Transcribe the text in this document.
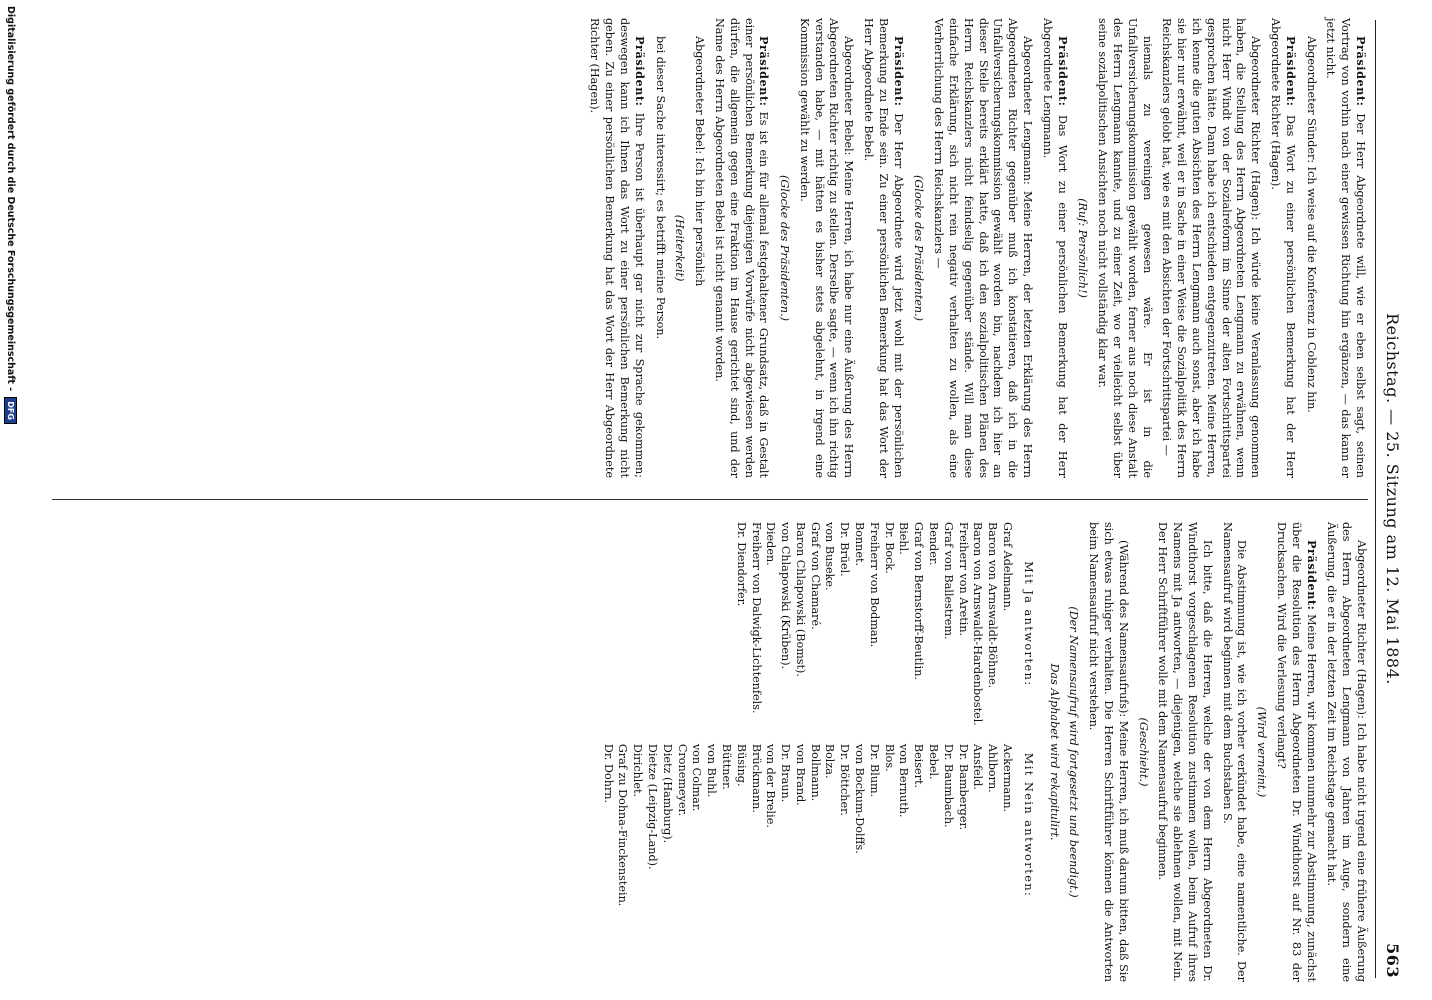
Reichstag. — 25. Sitzung am 12. Mai 1884.
563

Präsident: Der Herr Abgeordnete will, wie er eben selbst sagt, seinen Vortrag von vorhin nach einer gewissen Richtung hin ergänzen, — das kann er jetzt nicht.

Abgeordneter Sünder: Ich weise auf die Konferenz in Coblenz hin.

Präsident: Das Wort zu einer persönlichen Bemerkung hat der Herr Abgeordnete Richter (Hagen).

Abgeordneter Richter (Hagen): Ich würde keine Veranlassung genommen haben, die Stellung des Herrn Abgeordneten Lengmann zu erwähnen, wenn nicht Herr Windt von der Sozialreform im Sinne der alten Fortschrittspartei gesprochen hätte. Dann habe ich entschieden entgegenzutreten. Meine Herren, ich kenne die guten Absichten des Herrn Lengmann auch sonst, aber ich habe sie hier nur erwähnt, weil er in Sache in einer Weise die Sozialpolitik des Herrn Reichskanzlers gelobt hat, wie es mit den Absichten der Fortschrittspartei —

niemals zu vereinigen gewesen wäre. Er ist in die Unfallversicherungskommission gewählt worden, ferner aus noch diese Anstalt des Herrn Lengmann kannte, und zu einer Zeit, wo er vielleicht selbst über seine sozialpolitischen Ansichten noch nicht vollständig klar war.

(Ruf: Persönlich!)

Präsident: Das Wort zu einer persönlichen Bemerkung hat der Herr Abgeordnete Lengmann.

Abgeordneter Lengmann: Meine Herren, der letzten Erklärung des Herrn Abgeordneten Richter gegenüber muß ich konstatieren, daß ich in die Unfallversicherungskommission gewählt worden bin, nachdem ich hier an dieser Stelle bereits erklärt hatte, daß ich den sozialpolitischen Plänen des Herrn Reichskanzlers nicht feindselig gegenüber stände. Will man diese einfache Erklärung, sich nicht rein negativ verhalten zu wollen, als eine Verherrlichung des Herrn Reichskanzlers —

(Glocke des Präsidenten.)

Präsident: Der Herr Abgeordnete wird jetzt wohl mit der persönlichen Bemerkung zu Ende sein. Zu einer persönlichen Bemerkung hat das Wort der Herr Abgeordnete Bebel.

Abgeordneter Bebel: Meine Herren, ich habe nur eine Äußerung des Herrn Abgeordneten Richter richtig zu stellen. Derselbe sagte, — wenn ich ihn richtig verstanden habe, — mit hätten es bisher stets abgelehnt, in irgend eine Kommission gewählt zu werden.

(Glocke des Präsidenten.)

Präsident: Es ist ein für allemal festgehaltener Grundsatz, daß in Gestalt einer persönlichen Bemerkung diejenigen Vorwürfe nicht abgewiesen werden dürfen, die allgemein gegen eine Fraktion im Hause gerichtet sind, und der Name des Herrn Abgeordneten Bebel ist nicht genannt worden.

Abgeordneter Bebel: Ich bin hier persönlich

(Heiterkeit)

bei dieser Sache interessirt; es betrifft meine Person.

Präsident: Ihre Person ist überhaupt gar nicht zur Sprache gekommen; deswegen kann ich Ihnen das Wort zu einer persönlichen Bemerkung nicht geben. Zu einer persönlichen Bemerkung hat das Wort der Herr Abgeordnete Richter (Hagen).

Abgeordneter Richter (Hagen): Ich habe nicht irgend eine frühere Äußerung des Herrn Abgeordneten Lengmann von Jahren im Auge, sondern eine Äußerung, die er in der letzten Zeit im Reichstage gemacht hat.

Präsident: Meine Herren, wir kommen nunmehr zur Abstimmung, zunächst über die Resolution des Herrn Abgeordneten Dr. Windthorst auf Nr. 83 der Drucksachen. Wird die Verlesung verlangt?

(Wird verneint.)

Die Abstimmung ist, wie ich vorher verkündet habe, eine namentliche. Der Namensaufruf wird beginnen mit dem Buchstaben S.

Ich bitte, daß die Herren, welche der von dem Herrn Abgeordneten Dr. Windthorst vorgeschlagenen Resolution zustimmen wollen, beim Aufruf ihres Namens mit Ja antworten, — diejenigen, welche sie ablehnen wollen, mit Nein. Der Herr Schriftführer wolle mit dem Namensaufruf beginnen.

(Geschieht.)

(Während des Namensaufrufs): Meine Herren, ich muß darum bitten, daß Sie sich etwas ruhiger verhalten. Die Herren Schriftführer können die Antworten beim Namensaufruf nicht verstehen.

(Der Namensaufruf wird fortgesetzt und beendigt.)

Das Alphabet wird rekapitulirt.

Mit Ja antworten:
Graf Adelmann.
Baron von Arnswaldt-Böhme.
Baron von Arnswaldt-Hardenbostel.
Freiherr von Aretin.
Graf von Ballestrem.
Bender.
Graf von Bernstorff-Beutlin.
Biehl.
Dr. Bock.
Freiherr von Bodman.
Bonnet.
Dr. Brüel.
von Buseke.
Graf von Chamaré.
Baron Chlapowski (Bomst).
von Chlapowski (Krüben).
Dieden.
Freiherr von Dalwigk-Lichtenfels.
Dr. Diendorfer.
Mit Nein antworten:
Ackermann.
Ahlborn.
Ansfeld.
Dr. Bamberger.
Dr. Baumbach.
Bebel.
Beisert.
von Bernuth.
Blos.
Dr. Blum.
von Bockum-Dolffs.
Dr. Böttcher.
Bolza.
Bollmann.
von Brand.
Dr. Braun.
von der Brelie.
Brückmann.
Büsing.
Büttner.
von Buhl.
von Colmar.
Cronemeyer.
Dietz (Hamburg).
Dietze (Leipzig-Land).
Dirichlet.
Graf zu Dohna-Finckenstein.
Dr. Dohrn.
Digitalisierung gefördert durch die Deutsche Forschungsgemeinschaft -
DFG
